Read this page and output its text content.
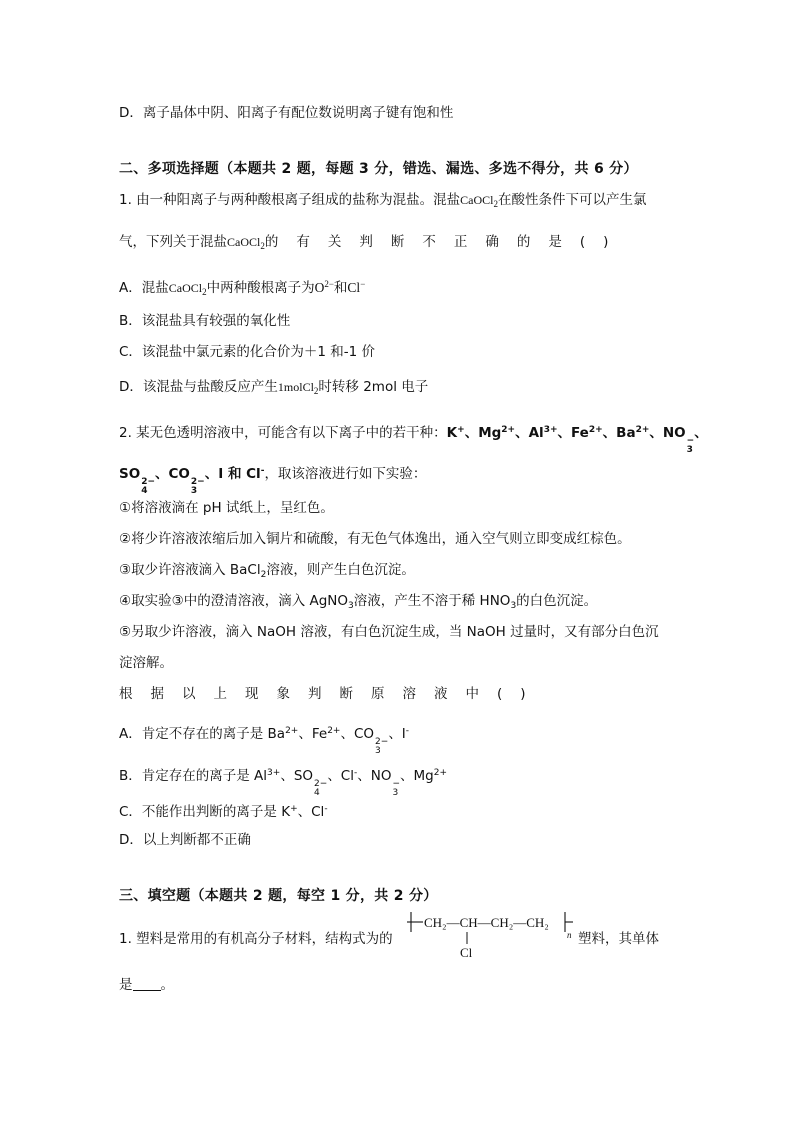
D．离子晶体中阴、阳离子有配位数说明离子键有饱和性
二、多项选择题（本题共 2 题，每题 3 分，错选、漏选、多选不得分，共 6 分）
1. 由一种阳离子与两种酸根离子组成的盐称为混盐。混盐CaOCl$_2$在酸性条件下可以产生氯
气，下列关于混盐CaOCl$_2$的有关判断不正确的是()
A．混盐CaOCl$_2$中两种酸根离子为$O^{2-}$和Cl−
B．该混盐具有较强的氧化性
C．该混盐中氯元素的化合价为＋1 和-1 价
D．该混盐与盐酸反应产生1molCl$_2$时转移 2mol 电子
2. 某无色透明溶液中，可能含有以下离子中的若干种：K+、$Mg^{2+}$、$Al^{3+}$、$Fe^{2+}$、$Ba^{2+}$、NO −
3
、
SO 2−
4
、CO 2−
3
、I 和 Cl-，取该溶液进行如下实验：
①将溶液滴在 pH 试纸上，呈红色。
②将少许溶液浓缩后加入铜片和硫酸，有无色气体逸出，通入空气则立即变成红棕色。
③取少许溶液滴入 BaCl$_2$溶液，则产生白色沉淀。
④取实验③中的澄清溶液，滴入 AgNO$_3$溶液，产生不溶于稀 $HNO_3$的白色沉淀。
⑤另取少许溶液，滴入 NaOH 溶液，有白色沉淀生成，当 NaOH 过量时，又有部分白色沉
淀溶解。
根据以上现象判断原溶液中()
A．肯定不存在的离子是 $Ba^{2+}$、$Fe^{2+}$、CO 2−
3
、I-
B．肯定存在的离子是 $Al^{3+}$、SO 2−
4
、Cl-、NO −
3
、$Mg^{2+}$
C．不能作出判断的离子是 K+、Cl-
D．以上判断都不正确
三、填空题（本题共 2 题，每空 1 分，共 2 分）
1. 塑料是常用的有机高分子材料，结构式为的
CH₂—CH—CH₂—CH₂
n
Cl
塑料，其单体
是 。
